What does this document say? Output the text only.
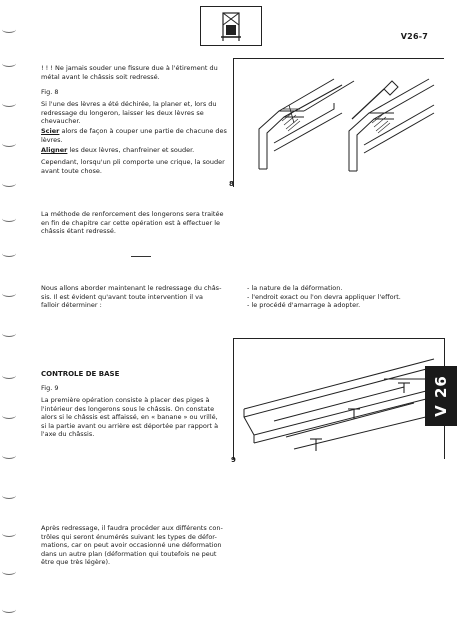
V26-7
! ! ! Ne jamais souder une fissure due à l'étirement du
métal avant le châssis soit redressé.
Fig. 8
Si l'une des lèvres a été déchirée, la planer et, lors du
redressage du longeron, laisser les deux lèvres se
chevaucher.
Scier alors de façon à couper une partie de chacune des
lèvres.
Aligner les deux lèvres, chanfreiner et souder.
Cependant, lorsqu'un pli comporte une crique, la souder
avant toute chose.
8
La méthode de renforcement des longerons sera traitée
en fin de chapitre car cette opération est à effectuer le
châssis étant redressé.
Nous allons aborder maintenant le redressage du châs-
sis. Il est évident qu'avant toute intervention il va
falloir déterminer :
- la nature de la déformation.
- l'endroit exact ou l'on devra appliquer l'effort.
- le procédé d'amarrage à adopter.
CONTROLE DE BASE
Fig. 9
La première opération consiste à placer des piges à
l'intérieur des longerons sous le châssis. On constate
alors si le châssis est affaissé, en « banane » ou vrillé,
si la partie avant ou arrière est déportée par rapport à
l'axe du châssis.
9
V 26
Après redressage, il faudra procéder aux différents con-
trôles qui seront énumérés suivant les types de défor-
mations, car on peut avoir occasionné une déformation
dans un autre plan (déformation qui toutefois ne peut
être que très légère).
